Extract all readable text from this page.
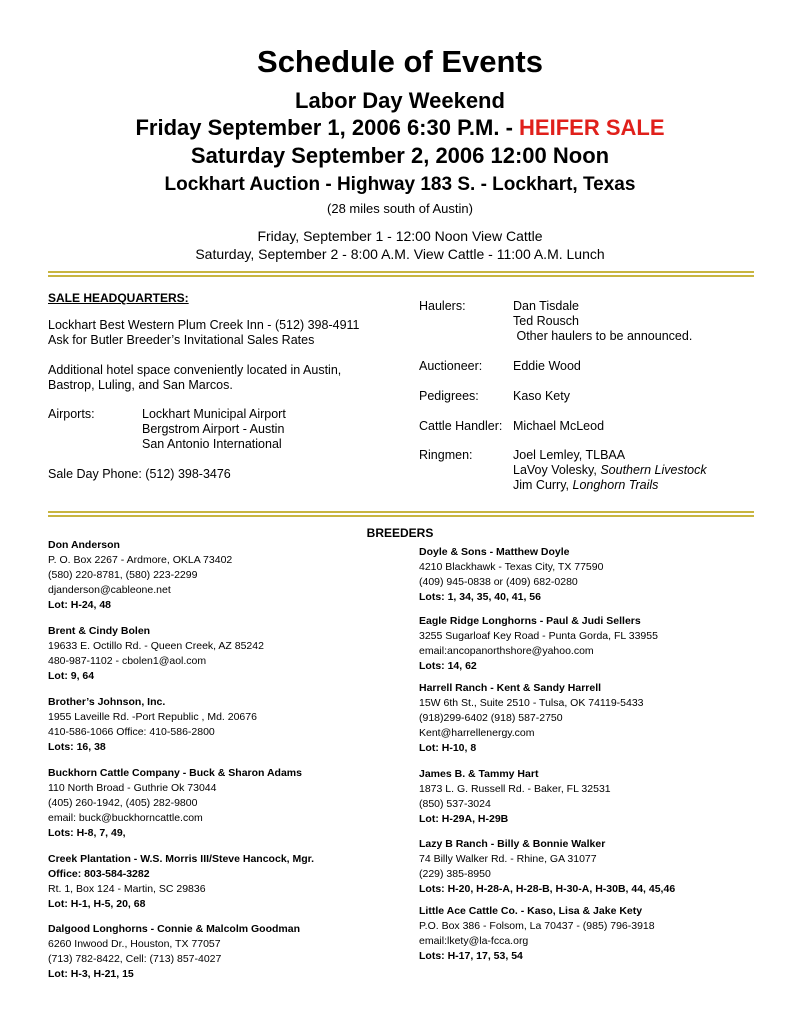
Schedule of Events
Labor Day Weekend
Friday September 1, 2006 6:30 P.M. - HEIFER SALE
Saturday September 2, 2006 12:00 Noon
Lockhart Auction - Highway 183 S. - Lockhart, Texas
(28 miles south of Austin)
Friday, September 1 - 12:00 Noon View Cattle
Saturday, September 2 - 8:00 A.M. View Cattle - 11:00 A.M. Lunch
SALE HEADQUARTERS:
Lockhart Best Western Plum Creek Inn - (512) 398-4911
Ask for Butler Breeder’s Invitational Sales Rates
Additional hotel space conveniently located in Austin,
Bastrop, Luling, and San Marcos.
Airports:	Lockhart Municipal Airport
Bergstrom Airport - Austin
San Antonio International
Sale Day Phone: (512) 398-3476
Haulers:	Dan Tisdale
Ted Rousch
Other haulers to be announced.
Auctioneer: Eddie Wood
Pedigrees:	Kaso Kety
Cattle Handler: Michael McLeod
Ringmen:	Joel Lemley, TLBAA
LaVoy Volesky, Southern Livestock
Jim Curry, Longhorn Trails
BREEDERS
Don Anderson
P. O. Box 2267 - Ardmore, OKLA 73402
(580) 220-8781, (580) 223-2299
djanderson@cableone.net
Lot: H-24, 48
Brent & Cindy Bolen
19633 E. Octillo Rd. - Queen Creek, AZ 85242
480-987-1102 - cbolen1@aol.com
Lot: 9, 64
Brother’s Johnson, Inc.
1955 Laveille Rd. -Port Republic , Md. 20676
410-586-1066 Office: 410-586-2800
Lots: 16, 38
Buckhorn Cattle Company - Buck & Sharon Adams
110 North Broad - Guthrie Ok 73044
(405) 260-1942, (405) 282-9800
email: buck@buckhorncattle.com
Lots: H-8, 7, 49,
Creek Plantation - W.S. Morris III/Steve Hancock, Mgr.
Office: 803-584-3282
Rt. 1, Box 124 - Martin, SC 29836
Lot: H-1, H-5, 20, 68
Dalgood Longhorns - Connie & Malcolm Goodman
6260 Inwood Dr., Houston, TX 77057
(713) 782-8422, Cell: (713) 857-4027
Lot: H-3, H-21, 15
Doyle & Sons - Matthew Doyle
4210 Blackhawk - Texas City, TX 77590
(409) 945-0838 or (409) 682-0280
Lots: 1, 34, 35, 40, 41, 56
Eagle Ridge Longhorns - Paul & Judi Sellers
3255 Sugarloaf Key Road - Punta Gorda, FL 33955
email:ancopanorthshore@yahoo.com
Lots: 14, 62
Harrell Ranch - Kent & Sandy Harrell
15W 6th St., Suite 2510 - Tulsa, OK 74119-5433
(918)299-6402 (918) 587-2750
Kent@harrellenergy.com
Lot: H-10, 8
James B. & Tammy Hart
1873 L. G. Russell Rd. - Baker, FL 32531
(850) 537-3024
Lot: H-29A, H-29B
Lazy B Ranch - Billy & Bonnie Walker
74 Billy Walker Rd. - Rhine, GA 31077
(229) 385-8950
Lots: H-20, H-28-A, H-28-B, H-30-A, H-30B, 44, 45,46
Little Ace Cattle Co. - Kaso, Lisa & Jake Kety
P.O. Box 386 - Folsom, La 70437 - (985) 796-3918
email:lkety@la-fcca.org
Lots: H-17, 17, 53, 54
